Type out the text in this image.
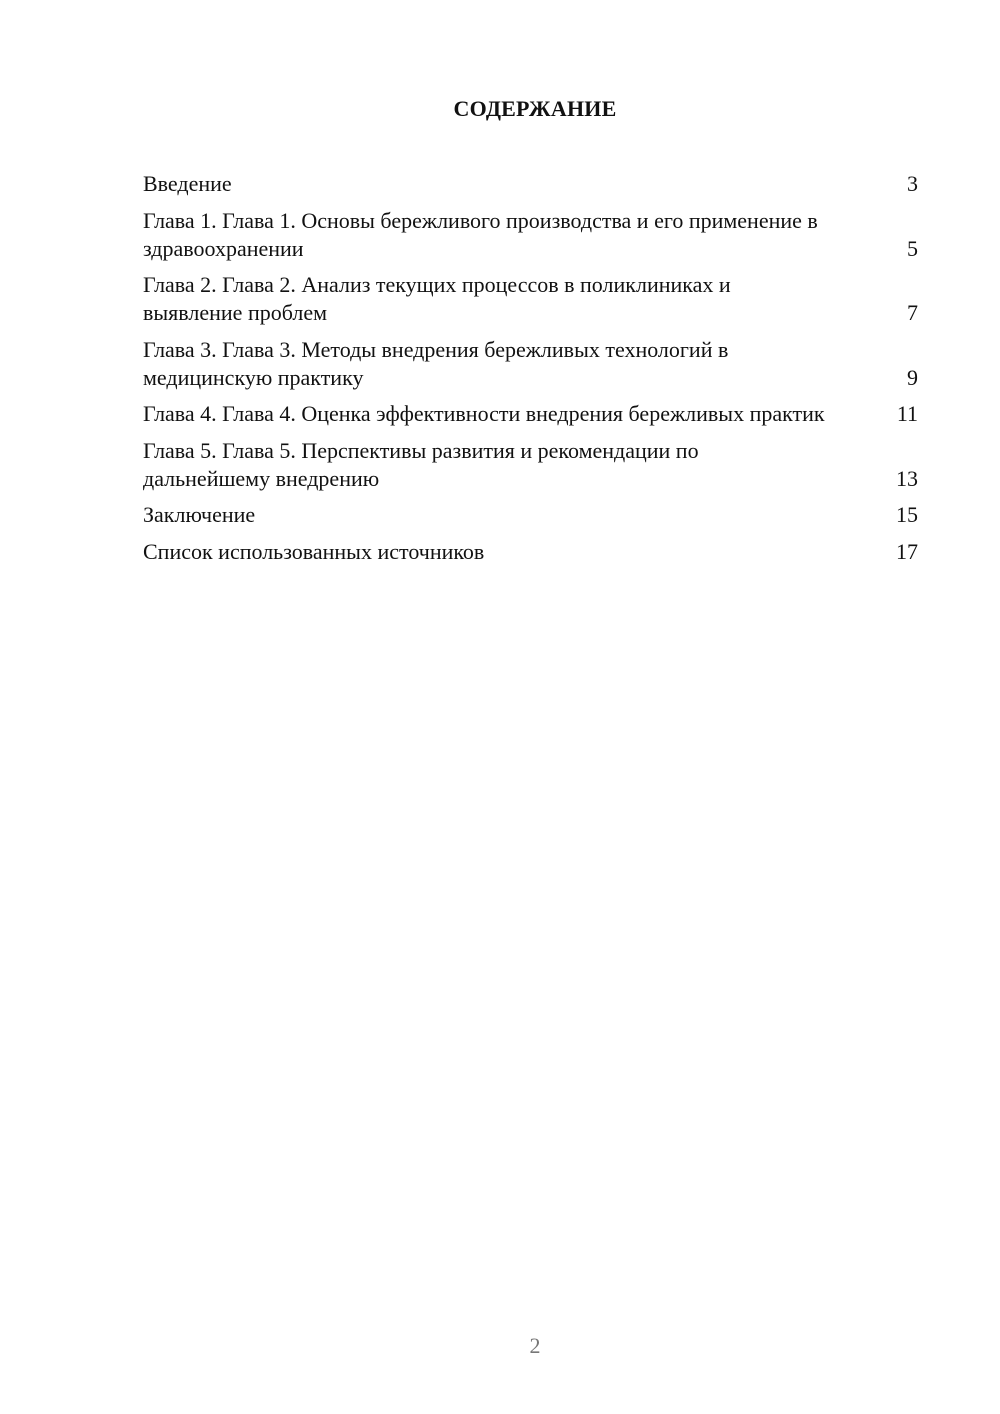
СОДЕРЖАНИЕ
Введение	3
Глава 1. Глава 1. Основы бережливого производства и его применение в здравоохранении	5
Глава 2. Глава 2. Анализ текущих процессов в поликлиниках и выявление проблем	7
Глава 3. Глава 3. Методы внедрения бережливых технологий в медицинскую практику	9
Глава 4. Глава 4. Оценка эффективности внедрения бережливых практик	11
Глава 5. Глава 5. Перспективы развития и рекомендации по дальнейшему внедрению	13
Заключение	15
Список использованных источников	17
2
